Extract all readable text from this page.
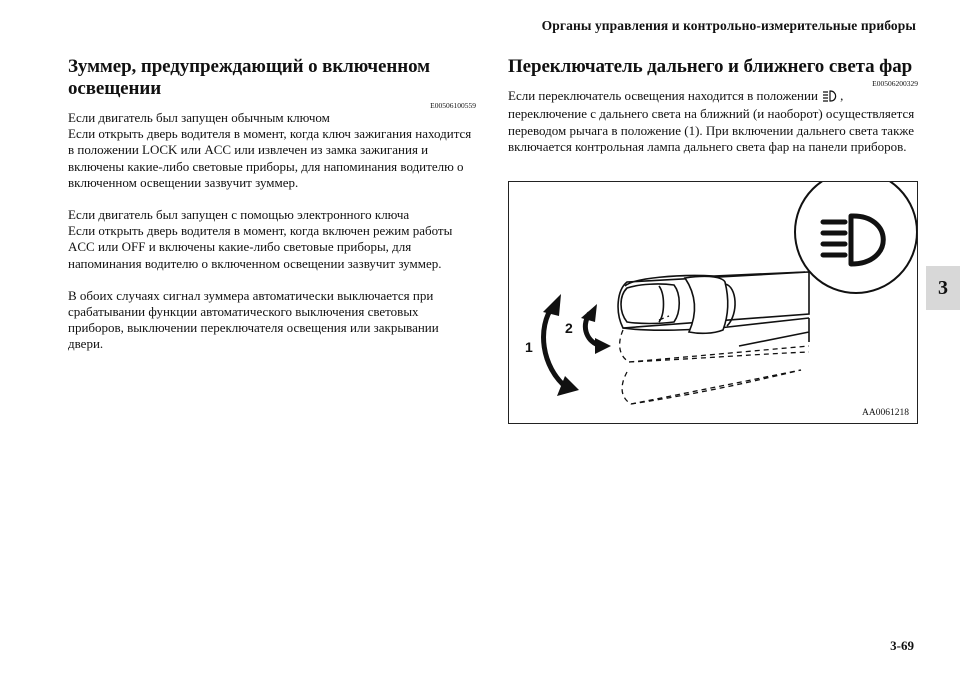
Органы управления и контрольно-измерительные приборы
Зуммер, предупреждающий о включенном освещении
E00506100559

Если двигатель был запущен обычным ключом
Если открыть дверь водителя в момент, когда ключ зажигания находится в положении LOCK или ACC или извлечен из замка зажигания и включены какие-либо световые приборы, для напоминания водителю о включенном освещении зазвучит зуммер.

Если двигатель был запущен с помощью электронного ключа
Если открыть дверь водителя в момент, когда включен режим работы ACC или OFF и включены какие-либо световые приборы, для напоминания водителю о включенном освещении зазвучит зуммер.

В обоих случаях сигнал зуммера автоматически выключается при срабатывании функции автоматического выключения световых приборов, выключении переключателя освещения или закрывании двери.

Переключатель дальнего и ближнего света фар
E00506200329

Если переключатель освещения находится в положении , переключение с дальнего света на ближний (и наоборот) осуществляется переводом рычага в положение (1). При включении дальнего света также включается контрольная лампа дальнего света фар на панели приборов.

1
2
AA0061218
3
3-69
